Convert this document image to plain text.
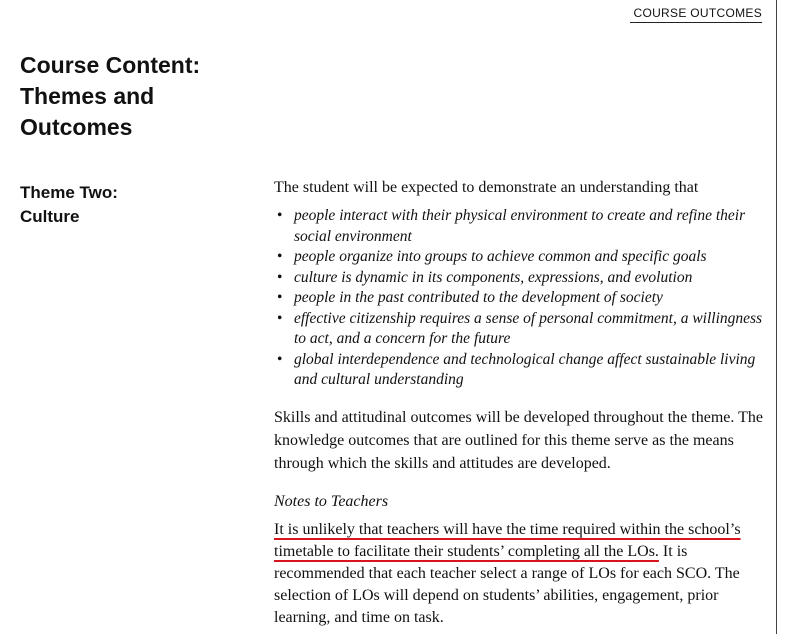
COURSE OUTCOMES
Course Content:
Themes and
Outcomes
Theme Two:
Culture

The student will be expected to demonstrate an understanding that

• people interact with their physical environment to create and refine their social environment
• people organize into groups to achieve common and specific goals
• culture is dynamic in its components, expressions, and evolution
• people in the past contributed to the development of society
• effective citizenship requires a sense of personal commitment, a willingness to act, and a concern for the future
• global interdependence and technological change affect sustainable living and cultural understanding

Skills and attitudinal outcomes will be developed throughout the theme. The knowledge outcomes that are outlined for this theme serve as the means through which the skills and attitudes are developed.

Notes to Teachers

It is unlikely that teachers will have the time required within the school’s timetable to facilitate their students’ completing all the LOs. It is recommended that each teacher select a range of LOs for each SCO. The selection of LOs will depend on students’ abilities, engagement, prior learning, and time on task.
